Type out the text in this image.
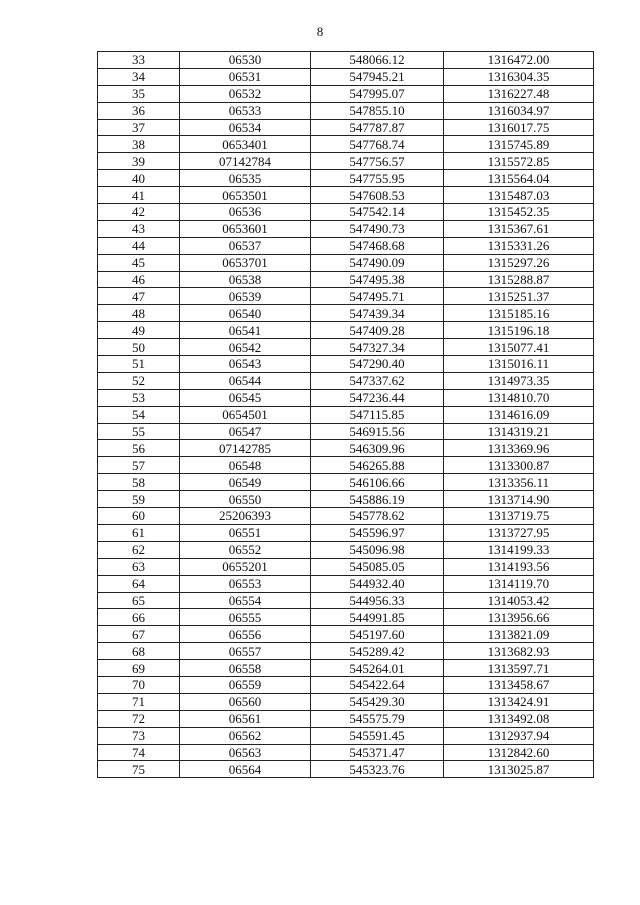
8
33	06530	548066.12	1316472.00
34	06531	547945.21	1316304.35
35	06532	547995.07	1316227.48
36	06533	547855.10	1316034.97
37	06534	547787.87	1316017.75
38	0653401	547768.74	1315745.89
39	07142784	547756.57	1315572.85
40	06535	547755.95	1315564.04
41	0653501	547608.53	1315487.03
42	06536	547542.14	1315452.35
43	0653601	547490.73	1315367.61
44	06537	547468.68	1315331.26
45	0653701	547490.09	1315297.26
46	06538	547495.38	1315288.87
47	06539	547495.71	1315251.37
48	06540	547439.34	1315185.16
49	06541	547409.28	1315196.18
50	06542	547327.34	1315077.41
51	06543	547290.40	1315016.11
52	06544	547337.62	1314973.35
53	06545	547236.44	1314810.70
54	0654501	547115.85	1314616.09
55	06547	546915.56	1314319.21
56	07142785	546309.96	1313369.96
57	06548	546265.88	1313300.87
58	06549	546106.66	1313356.11
59	06550	545886.19	1313714.90
60	25206393	545778.62	1313719.75
61	06551	545596.97	1313727.95
62	06552	545096.98	1314199.33
63	0655201	545085.05	1314193.56
64	06553	544932.40	1314119.70
65	06554	544956.33	1314053.42
66	06555	544991.85	1313956.66
67	06556	545197.60	1313821.09
68	06557	545289.42	1313682.93
69	06558	545264.01	1313597.71
70	06559	545422.64	1313458.67
71	06560	545429.30	1313424.91
72	06561	545575.79	1313492.08
73	06562	545591.45	1312937.94
74	06563	545371.47	1312842.60
75	06564	545323.76	1313025.87
